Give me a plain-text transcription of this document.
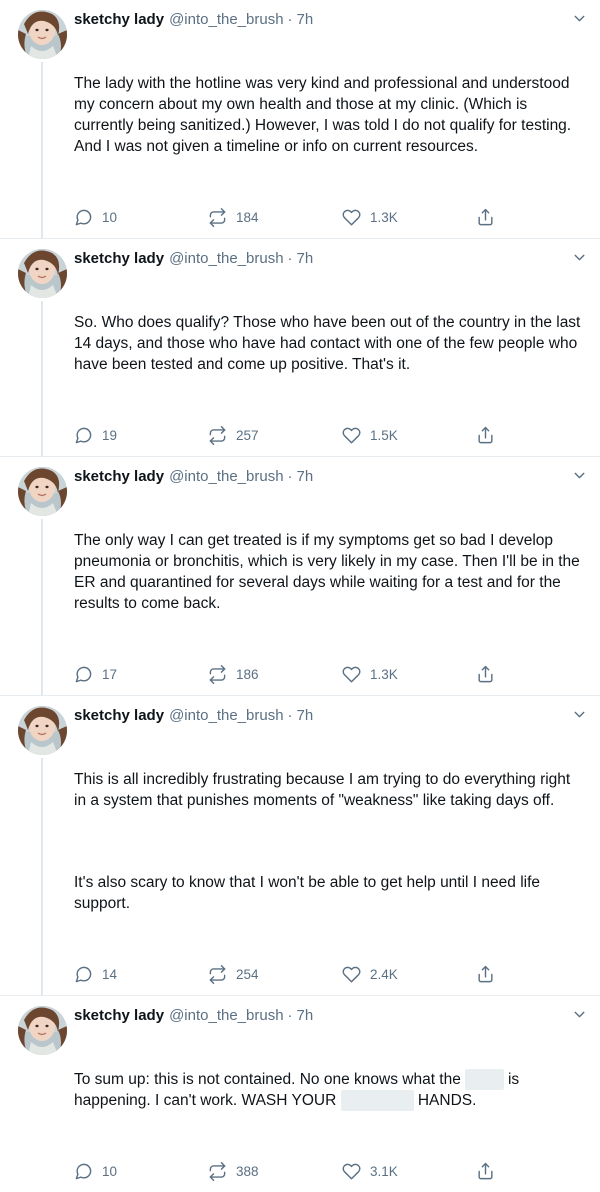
sketchy lady @into_the_brush · 7h

The lady with the hotline was very kind and professional and understood my concern about my own health and those at my clinic. (Which is currently being sanitized.) However, I was told I do not qualify for testing. And I was not given a timeline or info on current resources.

10	184	1.3K
sketchy lady @into_the_brush · 7h

So. Who does qualify? Those who have been out of the country in the last 14 days, and those who have had contact with one of the few people who have been tested and come up positive. That's it.

19	257	1.5K
sketchy lady @into_the_brush · 7h

The only way I can get treated is if my symptoms get so bad I develop pneumonia or bronchitis, which is very likely in my case. Then I'll be in the ER and quarantined for several days while waiting for a test and for the results to come back.

17	186	1.3K
sketchy lady @into_the_brush · 7h

This is all incredibly frustrating because I am trying to do everything right in a system that punishes moments of "weakness" like taking days off.

It's also scary to know that I won't be able to get help until I need life support.

14	254	2.4K
sketchy lady @into_the_brush · 7h

To sum up: this is not contained. No one knows what the  is happening. I can't work. WASH YOUR	HANDS.

10	388	3.1K
